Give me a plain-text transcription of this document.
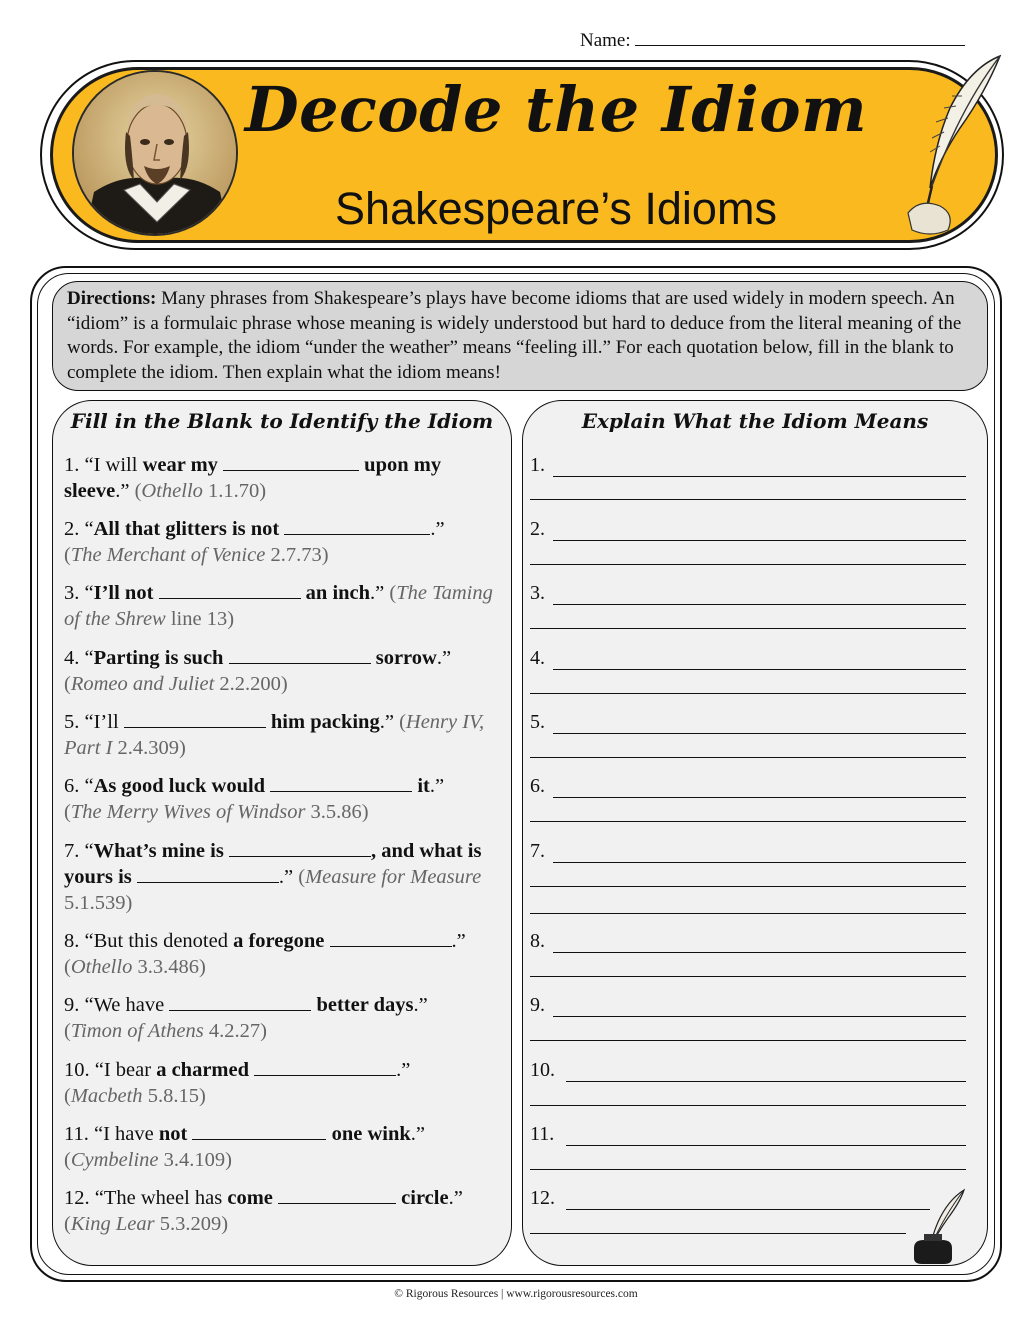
Name:
Decode the Idiom
Shakespeare’s Idioms
Directions: Many phrases from Shakespeare’s plays have become idioms that are used widely in modern speech. An “idiom” is a formulaic phrase whose meaning is widely understood but hard to deduce from the literal meaning of the words. For example, the idiom “under the weather” means “feeling ill.” For each quotation below, fill in the blank to complete the idiom. Then explain what the idiom means!
Fill in the Blank to Identify the Idiom	Explain What the Idiom Means
1. “I will wear my	upon my sleeve.” (Othello 1.1.70)
2. “All that glitters is not	.”
(The Merchant of Venice 2.7.73)
3. “I’ll not	an inch.” (The Taming of the Shrew line 13)
4. “Parting is such	sorrow.”
(Romeo and Juliet 2.2.200)
5. “I’ll	him packing.” (Henry IV, Part I 2.4.309)
6. “As good luck would	it.”
(The Merry Wives of Windsor 3.5.86)
7. “What’s mine is	, and what is yours is	.” (Measure for Measure 5.1.539)
8. “But this denoted a foregone	.”
(Othello 3.3.486)
9. “We have	better days.”
(Timon of Athens 4.2.27)
10. “I bear a charmed	.”
(Macbeth 5.8.15)
11. “I have not	one wink.”
(Cymbeline 3.4.109)
12. “The wheel has come	circle.”
(King Lear 5.3.209)
1.
2.
3.
4.
5.
6.
7.
8.
9.
10.
11.
12.
© Rigorous Resources | www.rigorousresources.com
